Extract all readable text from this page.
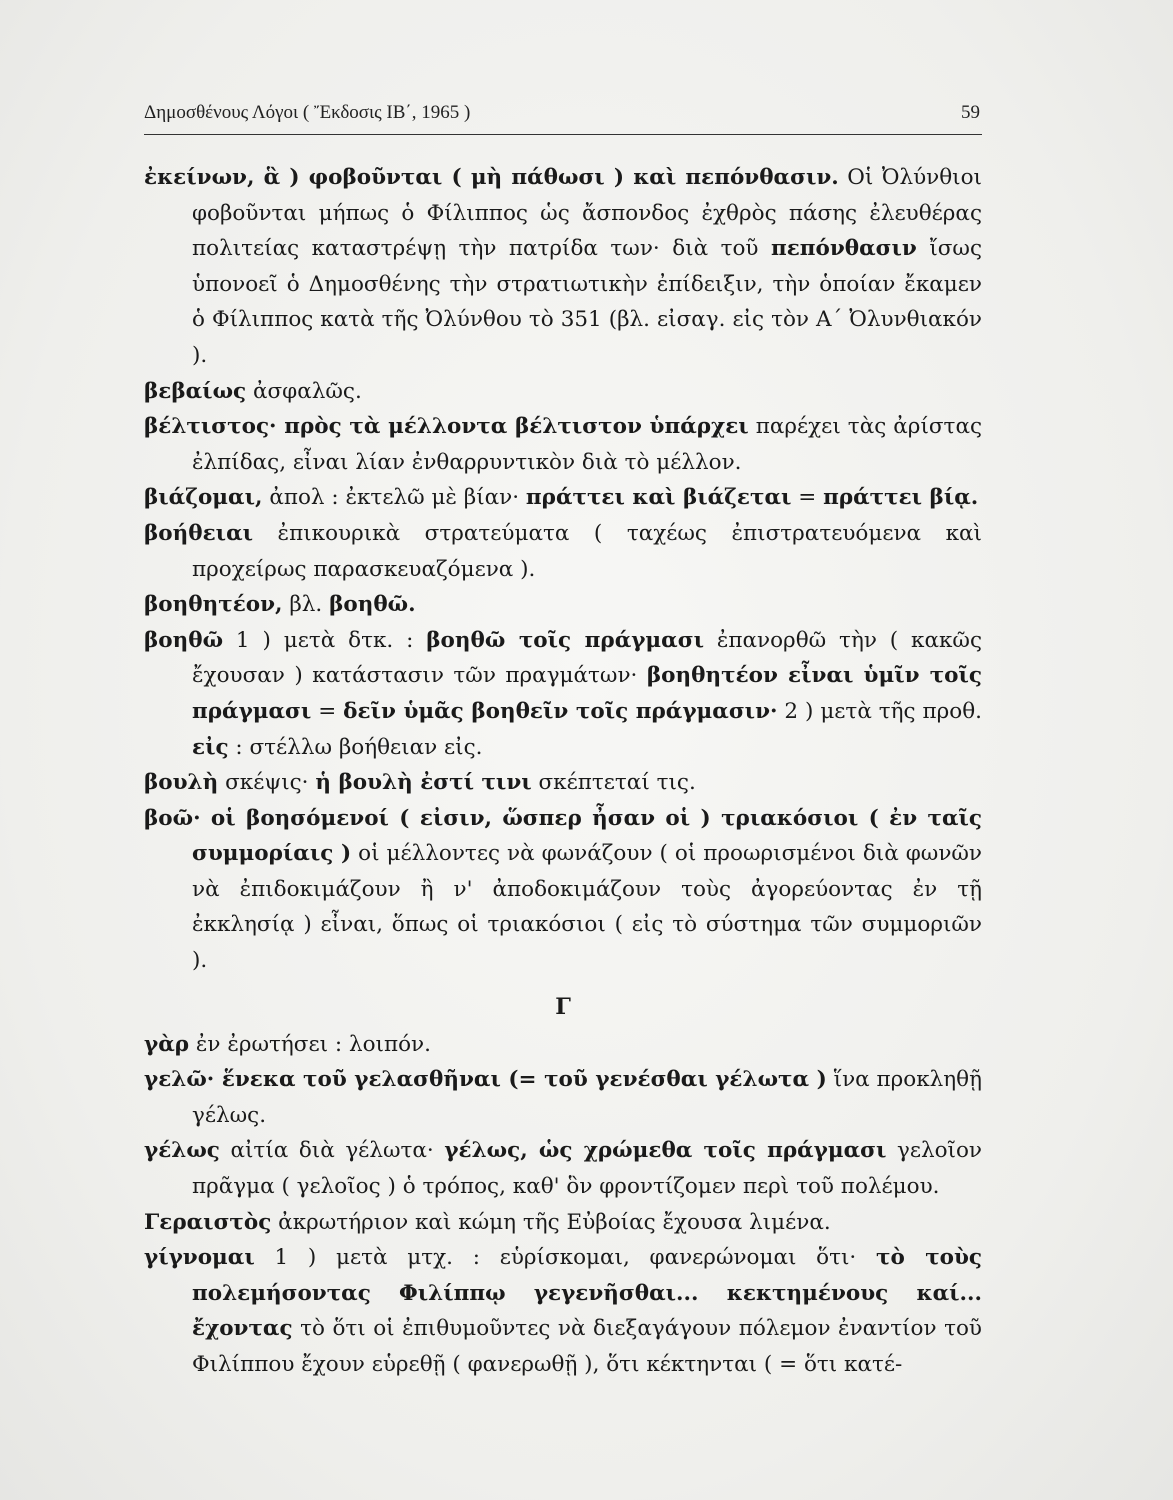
Δημοσθένους Λόγοι ( Ἔκδοσις ΙΒ΄, 1965 )	59

ἐκείνων, ἃ ) φοβοῦνται ( μὴ πάθωσι ) καὶ πεπόνθασιν. Οἱ Ὀλύνθιοι φοβοῦνται μήπως ὁ Φίλιππος ὡς ἄσπονδος ἐχθρὸς πάσης ἐλευθέρας πολιτείας καταστρέψῃ τὴν πατρίδα των· διὰ τοῦ πεπόνθασιν ἴσως ὑπονοεῖ ὁ Δημοσθένης τὴν στρατιωτικὴν ἐπίδειξιν, τὴν ὁποίαν ἔκαμεν ὁ Φίλιππος κατὰ τῆς Ὀλύνθου τὸ 351 (βλ. εἰσαγ. εἰς τὸν Α΄ Ὀλυνθιακόν ).

βεβαίως ἀσφαλῶς.

βέλτιστος· πρὸς τὰ μέλλοντα βέλτιστον ὑπάρχει παρέχει τὰς ἀρίστας ἐλπίδας, εἶναι λίαν ἐνθαρρυντικὸν διὰ τὸ μέλλον.

βιάζομαι, ἀπολ : ἐκτελῶ μὲ βίαν· πράττει καὶ βιάζεται = πράττει βίᾳ.

βοήθειαι ἐπικουρικὰ στρατεύματα ( ταχέως ἐπιστρατευόμενα καὶ προχείρως παρασκευαζόμενα ).

βοηθητέον, βλ. βοηθῶ.

βοηθῶ 1 ) μετὰ δτκ. : βοηθῶ τοῖς πράγμασι ἐπανορθῶ τὴν ( κακῶς ἔχουσαν ) κατάστασιν τῶν πραγμάτων· βοηθητέον εἶναι ὑμῖν τοῖς πράγμασι = δεῖν ὑμᾶς βοηθεῖν τοῖς πράγμασιν· 2 ) μετὰ τῆς προθ. εἰς : στέλλω βοήθειαν εἰς.

βουλὴ σκέψις· ἡ βουλὴ ἐστί τινι σκέπτεταί τις.

βοῶ· οἱ βοησόμενοί ( εἰσιν, ὥσπερ ἦσαν οἱ ) τριακόσιοι ( ἐν ταῖς συμμορίαις ) οἱ μέλλοντες νὰ φωνάζουν ( οἱ προωρισμένοι διὰ φωνῶν νὰ ἐπιδοκιμάζουν ἢ ν' ἀποδοκιμάζουν τοὺς ἀγορεύοντας ἐν τῇ ἐκκλησίᾳ ) εἶναι, ὅπως οἱ τριακόσιοι ( εἰς τὸ σύστημα τῶν συμμοριῶν ).

Γ

γὰρ ἐν ἐρωτήσει : λοιπόν.

γελῶ· ἕνεκα τοῦ γελασθῆναι (= τοῦ γενέσθαι γέλωτα ) ἵνα προκληθῇ γέλως.

γέλως αἰτία διὰ γέλωτα· γέλως, ὡς χρώμεθα τοῖς πράγμασι γελοῖον πρᾶγμα ( γελοῖος ) ὁ τρόπος, καθ' ὃν φροντίζομεν περὶ τοῦ πολέμου.

Γεραιστὸς ἀκρωτήριον καὶ κώμη τῆς Εὐβοίας ἔχουσα λιμένα.

γίγνομαι 1 ) μετὰ μτχ. : εὑρίσκομαι, φανερώνομαι ὅτι· τὸ τοὺς πολεμήσοντας Φιλίππῳ γεγενῆσθαι... κεκτημένους καί... ἔχοντας τὸ ὅτι οἱ ἐπιθυμοῦντες νὰ διεξαγάγουν πόλεμον ἐναντίον τοῦ Φιλίππου ἔχουν εὑρεθῇ ( φανερωθῇ ), ὅτι κέκτηνται ( = ὅτι κατέ-
